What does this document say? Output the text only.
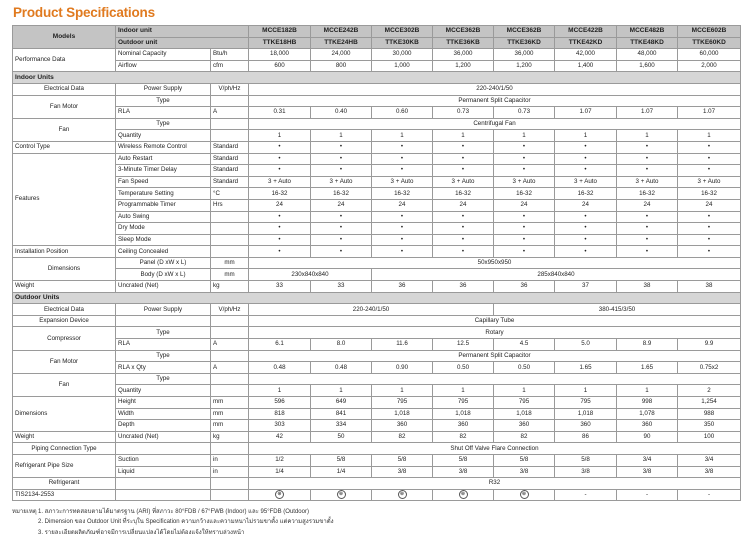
Product Specifications
Models	Indoor unit		MCCE182B	MCCE242B	MCCE302B	MCCE362B	MCCE362B	MCCE422B	MCCE482B	MCCE602B
	Outdoor unit		TTKE18HB	TTKE24HB	TTKE30KB	TTKE36KB	TTKE36KD	TTKE42KD	TTKE48KD	TTKE60KD
Performance Data	Nominal Capacity	Btu/h	18,000	24,000	30,000	36,000	36,000	42,000	48,000	60,000
	Airflow	cfm	600	800	1,000	1,200	1,200	1,400	1,600	2,000
Indoor Units										
Electrical Data	Power Supply	V/ph/Hz	220-240/1/50							
Fan Motor	Type		Permanent Split Capacitor							
	RLA	A	0.31	0.40	0.60	0.73	0.73	1.07	1.07	1.07
Fan	Type		Centrifugal Fan							
	Quantity		1	1	1	1	1	1	1	1
Control Type	Wireless Remote Control	Standard	•	•	•	•	•	•	•	•
Features	Auto Restart	Standard	•	•	•	•	•	•	•	•
	3-Minute Timer Delay	Standard	•	•	•	•	•	•	•	•
	Fan Speed	Standard	3 + Auto	3 + Auto	3 + Auto	3 + Auto	3 + Auto	3 + Auto	3 + Auto	3 + Auto
	Temperature Setting	°C	16-32	16-32	16-32	16-32	16-32	16-32	16-32	16-32
	Programmable Timer	Hrs	24	24	24	24	24	24	24	24
	Auto Swing		•	•	•	•	•	•	•	•
	Dry Mode		•	•	•	•	•	•	•	•
	Sleep Mode		•	•	•	•	•	•	•	•
Installation Position	Ceiling Concealed		•	•	•	•	•	•	•	•
Dimensions	Panel (D xW x L)	mm	50x950x950							
	Body (D xW x L)	mm	230x840x840		285x840x840					
Weight	Uncrated (Net)	kg	33	33	36	36	36	37	38	38
Outdoor Units										
Electrical Data	Power Supply	V/ph/Hz	220-240/1/50				380-415/3/50			
Expansion Device			Capillary Tube							
Compressor	Type		Rotary							
	RLA	A	6.1	8.0	11.6	12.5	4.5	5.0	8.9	9.9
Fan Motor	Type		Permanent Split Capacitor							
	RLA x Qty	A	0.48	0.48	0.90	0.50	0.50	1.65	1.65	0.75x2
Fan	Type									
	Quantity		1	1	1	1	1	1	1	2
Dimensions	Height	mm	596	649	795	795	795	795	998	1,254
	Width	mm	818	841	1,018	1,018	1,018	1,018	1,078	988
	Depth	mm	303	334	360	360	360	360	360	350
Weight	Uncrated (Net)	kg	42	50	82	82	82	86	90	100
Piping Connection Type			Shut Off Valve Flare Connection							
Refrigerant Pipe Size	Suction	in	1/2	5/8	5/8	5/8	5/8	5/8	3/4	3/4
	Liquid	in	1/4	1/4	3/8	3/8	3/8	3/8	3/8	3/8
Refrigerant			R32							
TIS2134-2553			⊕	⊕	⊕	⊕	⊕	-	-	-
หมายเหตุ 1. สภาวะการทดสอบตามได้มาตรฐาน (ARI) ที่สภาวะ 80°FDB / 67°FWB (Indoor) และ 95°FDB (Outdoor)
2. Dimension ของ Outdoor Unit ที่ระบุใน Specification ความกว้างและความหนาไม่รวมขาตั้ง แต่ความสูงรวมขาตั้ง
3. รายละเอียดผลิตภัณฑ์อาจมีการเปลี่ยนแปลงได้โดยไม่ต้องแจ้งให้ทราบล่วงหน้า
